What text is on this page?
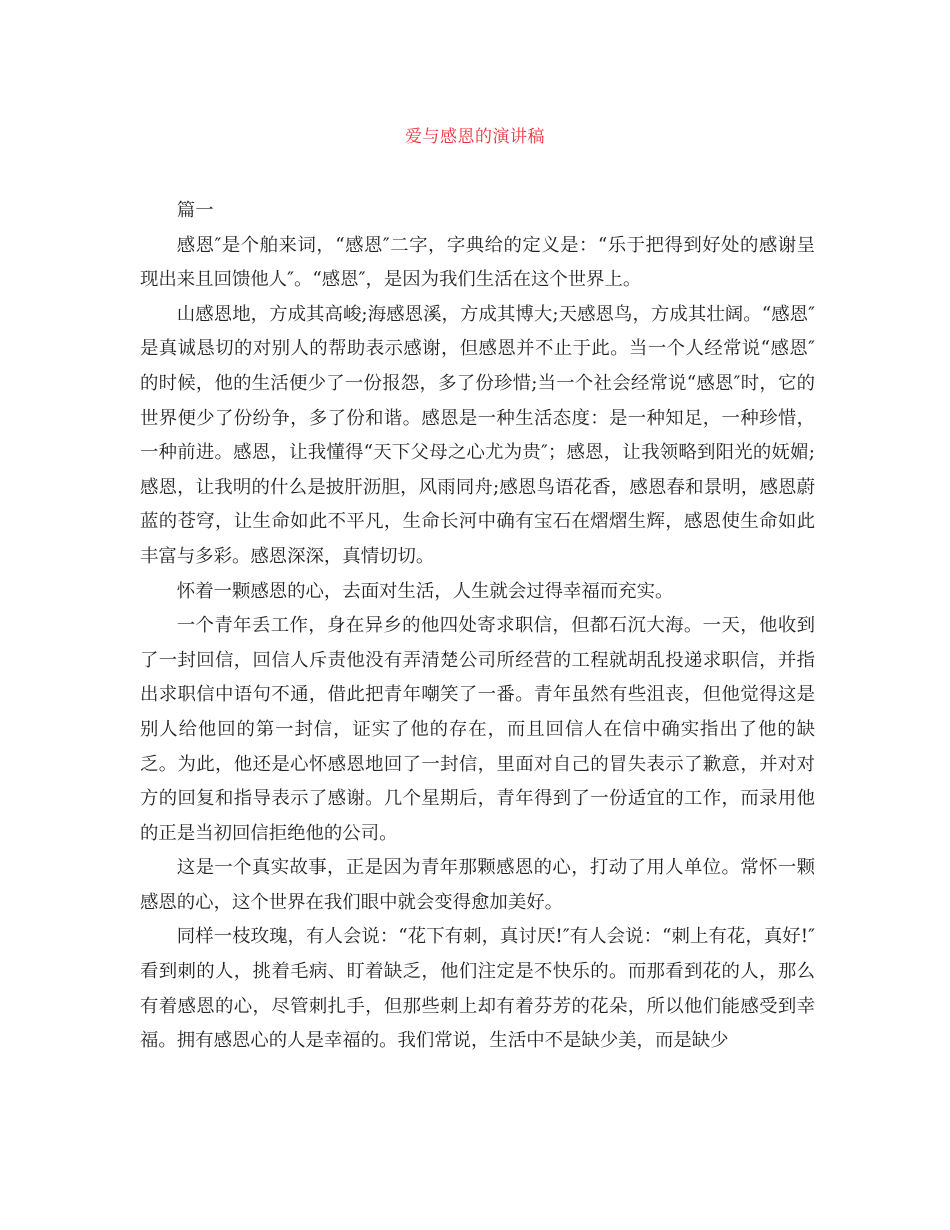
爱与感恩的演讲稿

篇一

感恩″是个舶来词，“感恩″二字，字典给的定义是：“乐于把得到好处的感谢呈现出来且回馈他人″。“感恩″，是因为我们生活在这个世界上。

山感恩地，方成其高峻;海感恩溪，方成其博大;天感恩鸟，方成其壮阔。“感恩″是真诚恳切的对别人的帮助表示感谢，但感恩并不止于此。当一个人经常说“感恩″的时候，他的生活便少了一份报怨，多了份珍惜;当一个社会经常说“感恩″时，它的世界便少了份纷争，多了份和谐。感恩是一种生活态度：是一种知足，一种珍惜，一种前进。感恩，让我懂得“天下父母之心尤为贵″；感恩，让我领略到阳光的妩媚;感恩，让我明的什么是披肝沥胆，风雨同舟;感恩鸟语花香，感恩春和景明，感恩蔚蓝的苍穹，让生命如此不平凡，生命长河中确有宝石在熠熠生辉，感恩使生命如此丰富与多彩。感恩深深，真情切切。

怀着一颗感恩的心，去面对生活，人生就会过得幸福而充实。

一个青年丢工作，身在异乡的他四处寄求职信，但都石沉大海。一天，他收到了一封回信，回信人斥责他没有弄清楚公司所经营的工程就胡乱投递求职信，并指出求职信中语句不通，借此把青年嘲笑了一番。青年虽然有些沮丧，但他觉得这是别人给他回的第一封信，证实了他的存在，而且回信人在信中确实指出了他的缺乏。为此，他还是心怀感恩地回了一封信，里面对自己的冒失表示了歉意，并对对方的回复和指导表示了感谢。几个星期后，青年得到了一份适宜的工作，而录用他的正是当初回信拒绝他的公司。

这是一个真实故事，正是因为青年那颗感恩的心，打动了用人单位。常怀一颗感恩的心，这个世界在我们眼中就会变得愈加美好。

同样一枝玫瑰，有人会说：“花下有刺，真讨厌!″有人会说：“刺上有花，真好!″看到刺的人，挑着毛病、盯着缺乏，他们注定是不快乐的。而那看到花的人，那么有着感恩的心，尽管刺扎手，但那些刺上却有着芬芳的花朵，所以他们能感受到幸福。拥有感恩心的人是幸福的。我们常说，生活中不是缺少美，而是缺少
